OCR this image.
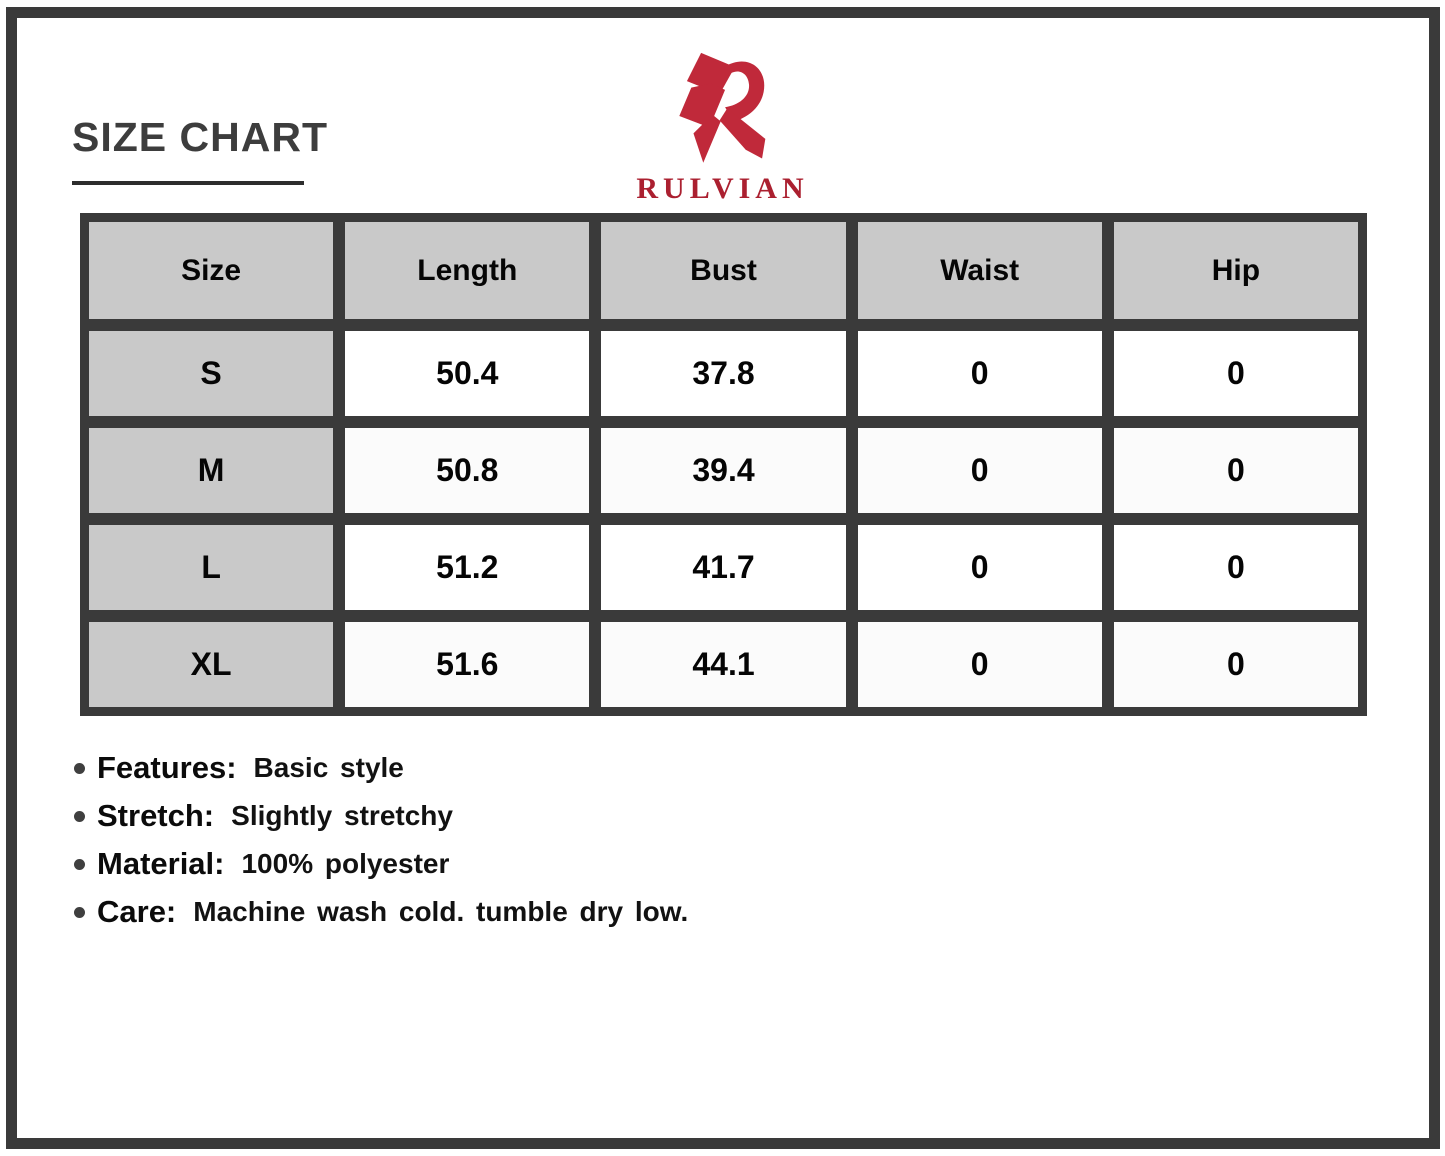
SIZE CHART
RULVIAN
Size	Length	Bust	Waist	Hip
S	50.4	37.8	0	0
M	50.8	39.4	0	0
L	51.2	41.7	0	0
XL	51.6	44.1	0	0
Features: Basic style
Stretch: Slightly stretchy
Material: 100% polyester
Care: Machine wash cold. tumble dry low.
